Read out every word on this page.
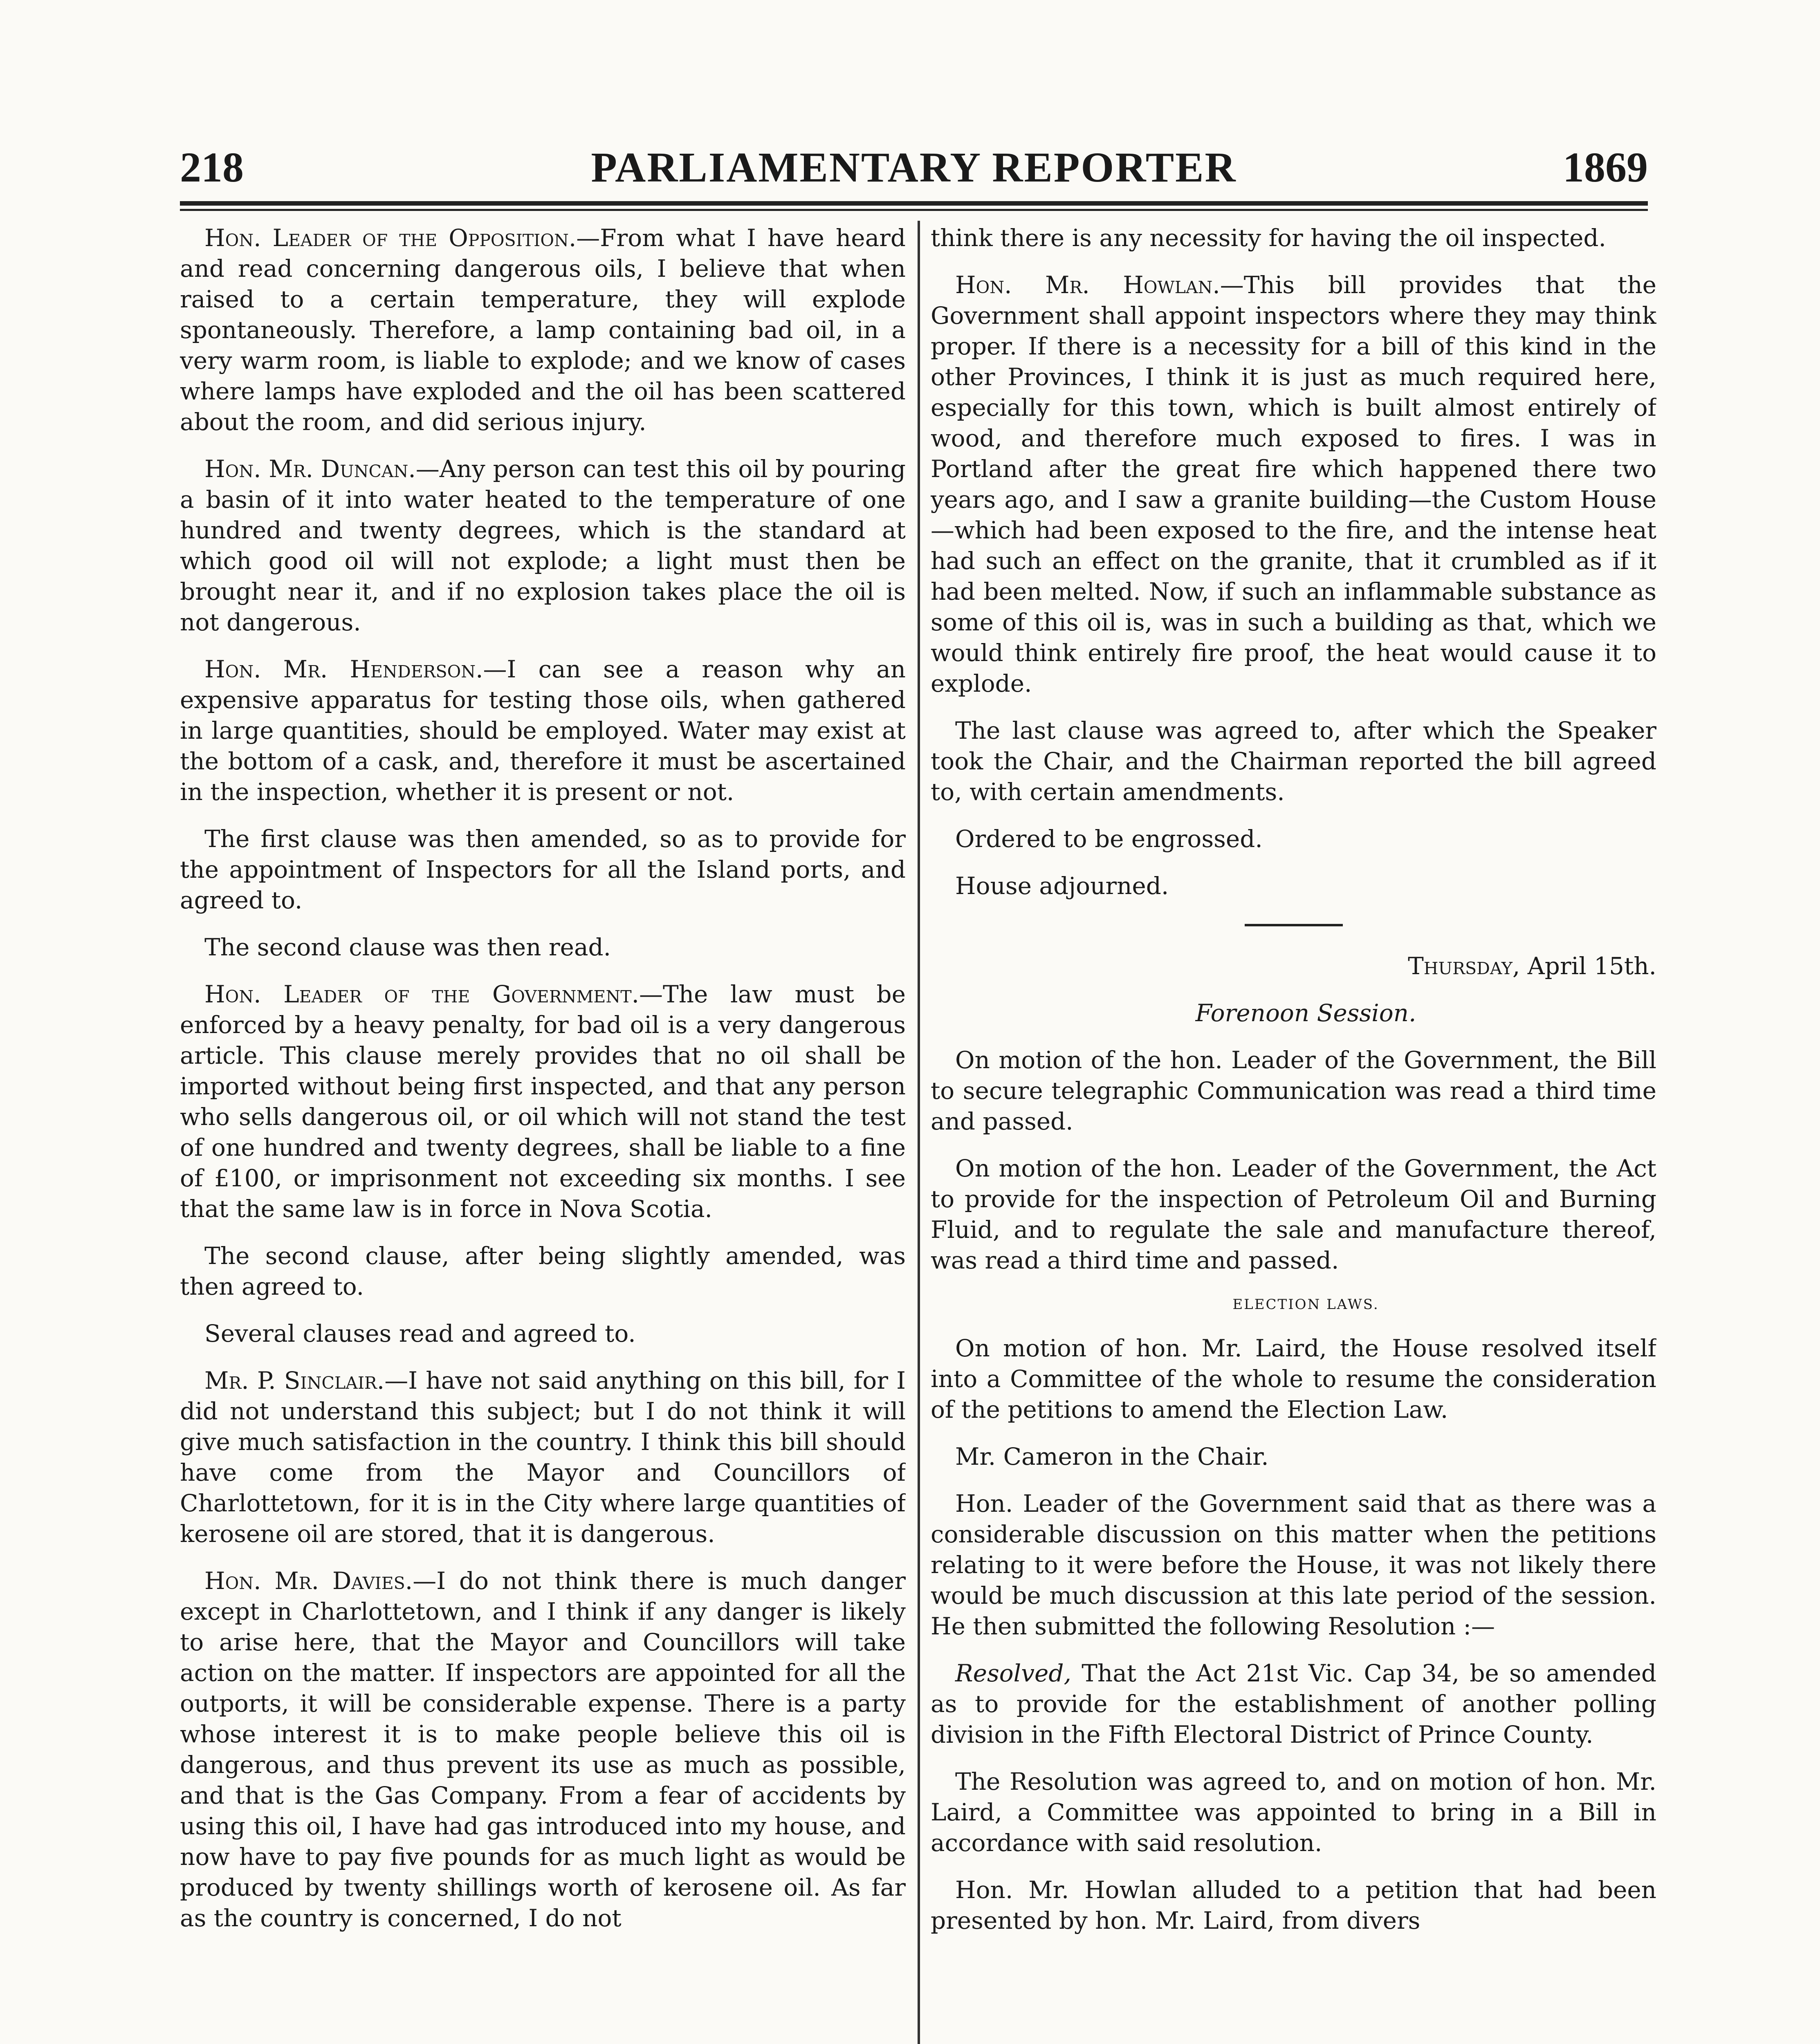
218	PARLIAMENTARY REPORTER	1869

Hon. Leader of the Opposition.—From what I have heard and read concerning dangerous oils, I believe that when raised to a certain temperature, they will explode spontaneously. Therefore, a lamp containing bad oil, in a very warm room, is liable to explode; and we know of cases where lamps have exploded and the oil has been scattered about the room, and did serious injury.

Hon. Mr. Duncan.—Any person can test this oil by pouring a basin of it into water heated to the temperature of one hundred and twenty degrees, which is the standard at which good oil will not explode; a light must then be brought near it, and if no explosion takes place the oil is not dangerous.

Hon. Mr. Henderson.—I can see a reason why an expensive apparatus for testing those oils, when gathered in large quantities, should be employed. Water may exist at the bottom of a cask, and, therefore it must be ascertained in the inspection, whether it is present or not.

The first clause was then amended, so as to provide for the appointment of Inspectors for all the Island ports, and agreed to.

The second clause was then read.

Hon. Leader of the Government.—The law must be enforced by a heavy penalty, for bad oil is a very dangerous article. This clause merely provides that no oil shall be imported without being first inspected, and that any person who sells dangerous oil, or oil which will not stand the test of one hundred and twenty degrees, shall be liable to a fine of £100, or imprisonment not exceeding six months. I see that the same law is in force in Nova Scotia.

The second clause, after being slightly amended, was then agreed to.

Several clauses read and agreed to.

Mr. P. Sinclair.—I have not said anything on this bill, for I did not understand this subject; but I do not think it will give much satisfaction in the country. I think this bill should have come from the Mayor and Councillors of Charlottetown, for it is in the City where large quantities of kerosene oil are stored, that it is dangerous.

Hon. Mr. Davies.—I do not think there is much danger except in Charlottetown, and I think if any danger is likely to arise here, that the Mayor and Councillors will take action on the matter. If inspectors are appointed for all the outports, it will be considerable expense. There is a party whose interest it is to make people believe this oil is dangerous, and thus prevent its use as much as possible, and that is the Gas Company. From a fear of accidents by using this oil, I have had gas introduced into my house, and now have to pay five pounds for as much light as would be produced by twenty shillings worth of kerosene oil. As far as the country is concerned, I do not

think there is any necessity for having the oil inspected.

Hon. Mr. Howlan.—This bill provides that the Government shall appoint inspectors where they may think proper. If there is a necessity for a bill of this kind in the other Provinces, I think it is just as much required here, especially for this town, which is built almost entirely of wood, and therefore much exposed to fires. I was in Portland after the great fire which happened there two years ago, and I saw a granite building—the Custom House—which had been exposed to the fire, and the intense heat had such an effect on the granite, that it crumbled as if it had been melted. Now, if such an inflammable substance as some of this oil is, was in such a building as that, which we would think entirely fire proof, the heat would cause it to explode.

The last clause was agreed to, after which the Speaker took the Chair, and the Chairman reported the bill agreed to, with certain amendments.

Ordered to be engrossed.

House adjourned.

Thursday, April 15th.

Forenoon Session.

On motion of the hon. Leader of the Government, the Bill to secure telegraphic Communication was read a third time and passed.

On motion of the hon. Leader of the Government, the Act to provide for the inspection of Petroleum Oil and Burning Fluid, and to regulate the sale and manufacture thereof, was read a third time and passed.

ELECTION LAWS.

On motion of hon. Mr. Laird, the House resolved itself into a Committee of the whole to resume the consideration of the petitions to amend the Election Law.

Mr. Cameron in the Chair.

Hon. Leader of the Government said that as there was a considerable discussion on this matter when the petitions relating to it were before the House, it was not likely there would be much discussion at this late period of the session. He then submitted the following Resolution :—

Resolved, That the Act 21st Vic. Cap 34, be so amended as to provide for the establishment of another polling division in the Fifth Electoral District of Prince County.

The Resolution was agreed to, and on motion of hon. Mr. Laird, a Committee was appointed to bring in a Bill in accordance with said resolution.

Hon. Mr. Howlan alluded to a petition that had been presented by hon. Mr. Laird, from divers
